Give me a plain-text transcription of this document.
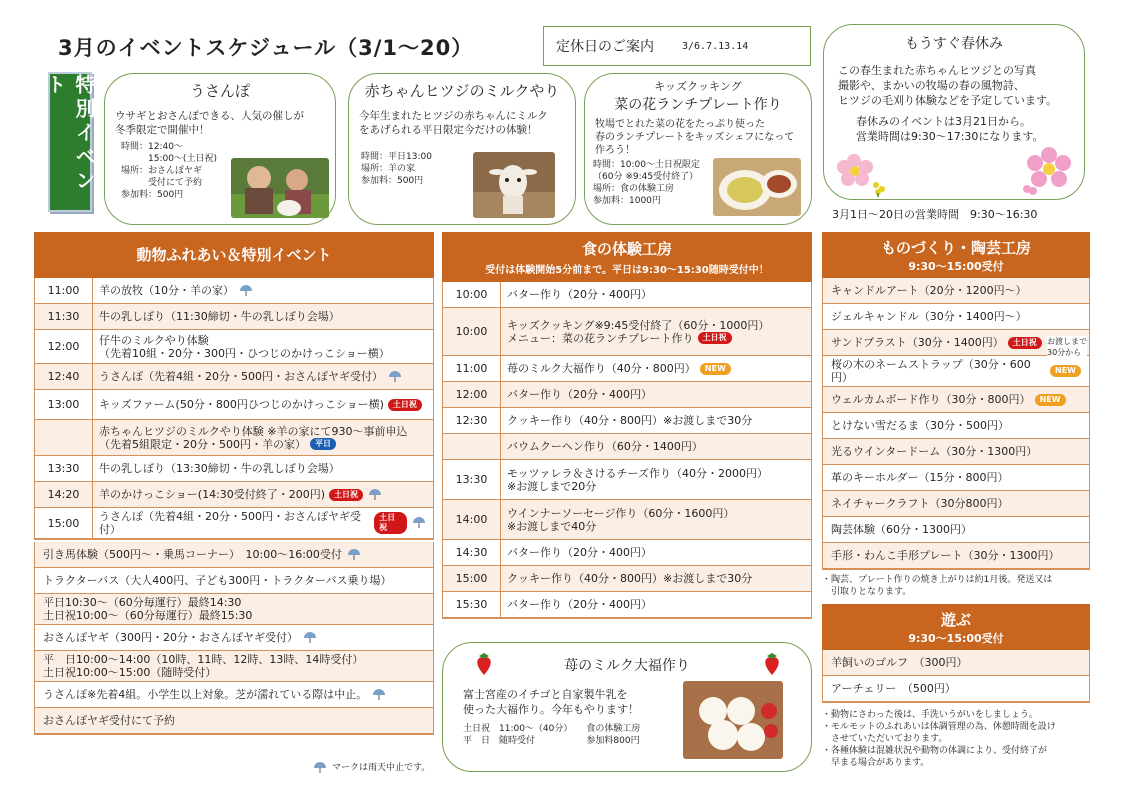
3月のイベントスケジュール（3/1〜20）	定休日のご案内	3/6.7.13.14	もうすぐ春休み
この春生まれた赤ちゃんヒツジとの写真
撮影や、まかいの牧場の春の風物詩、
ヒツジの毛刈り体験などを予定しています。
春休みのイベントは3月21日から。
営業時間は9:30〜17:30になります。
3月1日〜20日の営業時間　9:30〜16:30
特別イベント	うさんぽ
ウサギとおさんぽできる、人気の催しが
冬季限定で開催中！
時間：12:40〜
　　　15:00〜(土日祝)
場所：おさんぽヤギ
　　　受付にて予約
参加料：500円
赤ちゃんヒツジのミルクやり
今年生まれたヒツジの赤ちゃんにミルク
をあげられる平日限定今だけの体験！
時間：平日13:00
場所：羊の家
参加料：500円
キッズクッキング
菜の花ランチプレート作り
牧場でとれた菜の花をたっぷり使った
春のランチプレートをキッズシェフになって
作ろう！
時間：10:00〜土日祝限定
（60分 ※9:45受付終了）
場所：食の体験工房
参加料：1000円
動物ふれあい＆特別イベント
11:00	羊の放牧（10分・羊の家）
11:30	牛の乳しぼり（11:30締切・牛の乳しぼり会場）
12:00	仔牛のミルクやり体験
（先着10組・20分・300円・ひつじのかけっこショー横）
12:40	うさんぽ（先着4組・20分・500円・おさんぽヤギ受付）
13:00	キッズファーム(50分・800円ひつじのかけっこショー横)	土日祝
赤ちゃんヒツジのミルクやり体験 ※羊の家にて930〜事前申込
（先着5組限定・20分・500円・羊の家）	平日
13:30	牛の乳しぼり（13:30締切・牛の乳しぼり会場）
14:20	羊のかけっこショー(14:30受付終了・200円)	土日祝
15:00	うさんぽ（先着4組・20分・500円・おさんぽヤギ受付）
土日祝
引き馬体験（500円〜・乗馬コーナー）　10:00〜16:00受付
トラクターバス（大人400円、子ども300円・トラクターバス乗り場）
平日10:30〜（60分毎運行）最終14:30
土日祝10:00〜（60分毎運行）最終15:30
おさんぽヤギ（300円・20分・おさんぽヤギ受付）
平　日10:00〜14:00（10時、11時、12時、13時、14時受付）
土日祝10:00〜15:00（随時受付）
うさんぽ※先着4組。小学生以上対象。芝が濡れている際は中止。
おさんぽヤギ受付にて予約
マークは雨天中止です。
食の体験工房
受付は体験開始5分前まで。平日は9:30〜15:30随時受付中！
10:00	バター作り（20分・400円）
10:00	キッズクッキング※9:45受付終了（60分・1000円）
メニュー：菜の花ランチプレート作り	土日祝
11:00	苺のミルク大福作り（40分・800円）	NEW
12:00	バター作り（20分・400円）
12:30	クッキー作り（40分・800円）※お渡しまで30分
バウムクーヘン作り（60分・1400円）
13:30	モッツァレラ＆さけるチーズ作り（40分・2000円）
※お渡しまで20分
14:00	ウインナーソーセージ作り（60分・1600円）
※お渡しまで40分
14:30	バター作り（20分・400円）
15:00	クッキー作り（40分・800円）※お渡しまで30分
15:30	バター作り（20分・400円）
苺のミルク大福作り
富士宮産のイチゴと自家製牛乳を
使った大福作り。今年もやります！
土日祝　11:00〜（40分）
平　日　随時受付
食の体験工房
参加料800円
ものづくり・陶芸工房
9:30〜15:00受付
キャンドルアート（20分・1200円〜）
ジェルキャンドル（30分・1400円〜）
サンドブラスト（30分・1400円）	土日祝
桜の木のネームストラップ（30分・600円）
NEW
ウェルカムボード作り（30分・800円）	NEW
とけない雪だるま（30分・500円）
光るウインタードーム（30分・1300円）
革のキーホルダー（15分・800円）
ネイチャークラフト（30分800円）
陶芸体験（60分・1300円）
手形・わんこ手形プレート（30分・1300円）
お渡しまで30分から
・陶芸、プレート作りの焼き上がりは約1月後。発送又は
　引取りとなります。
遊ぶ
9:30〜15:00受付
羊飼いのゴルフ　（300円）
アーチェリー　（500円）
・動物にさわった後は、手洗いうがいをしましょう。
・モルモットのふれあいは体調管理の為、休憩時間を設け
　させていただいております。
・各種体験は混雑状況や動物の体調により、受付終了が
　早まる場合があります。
